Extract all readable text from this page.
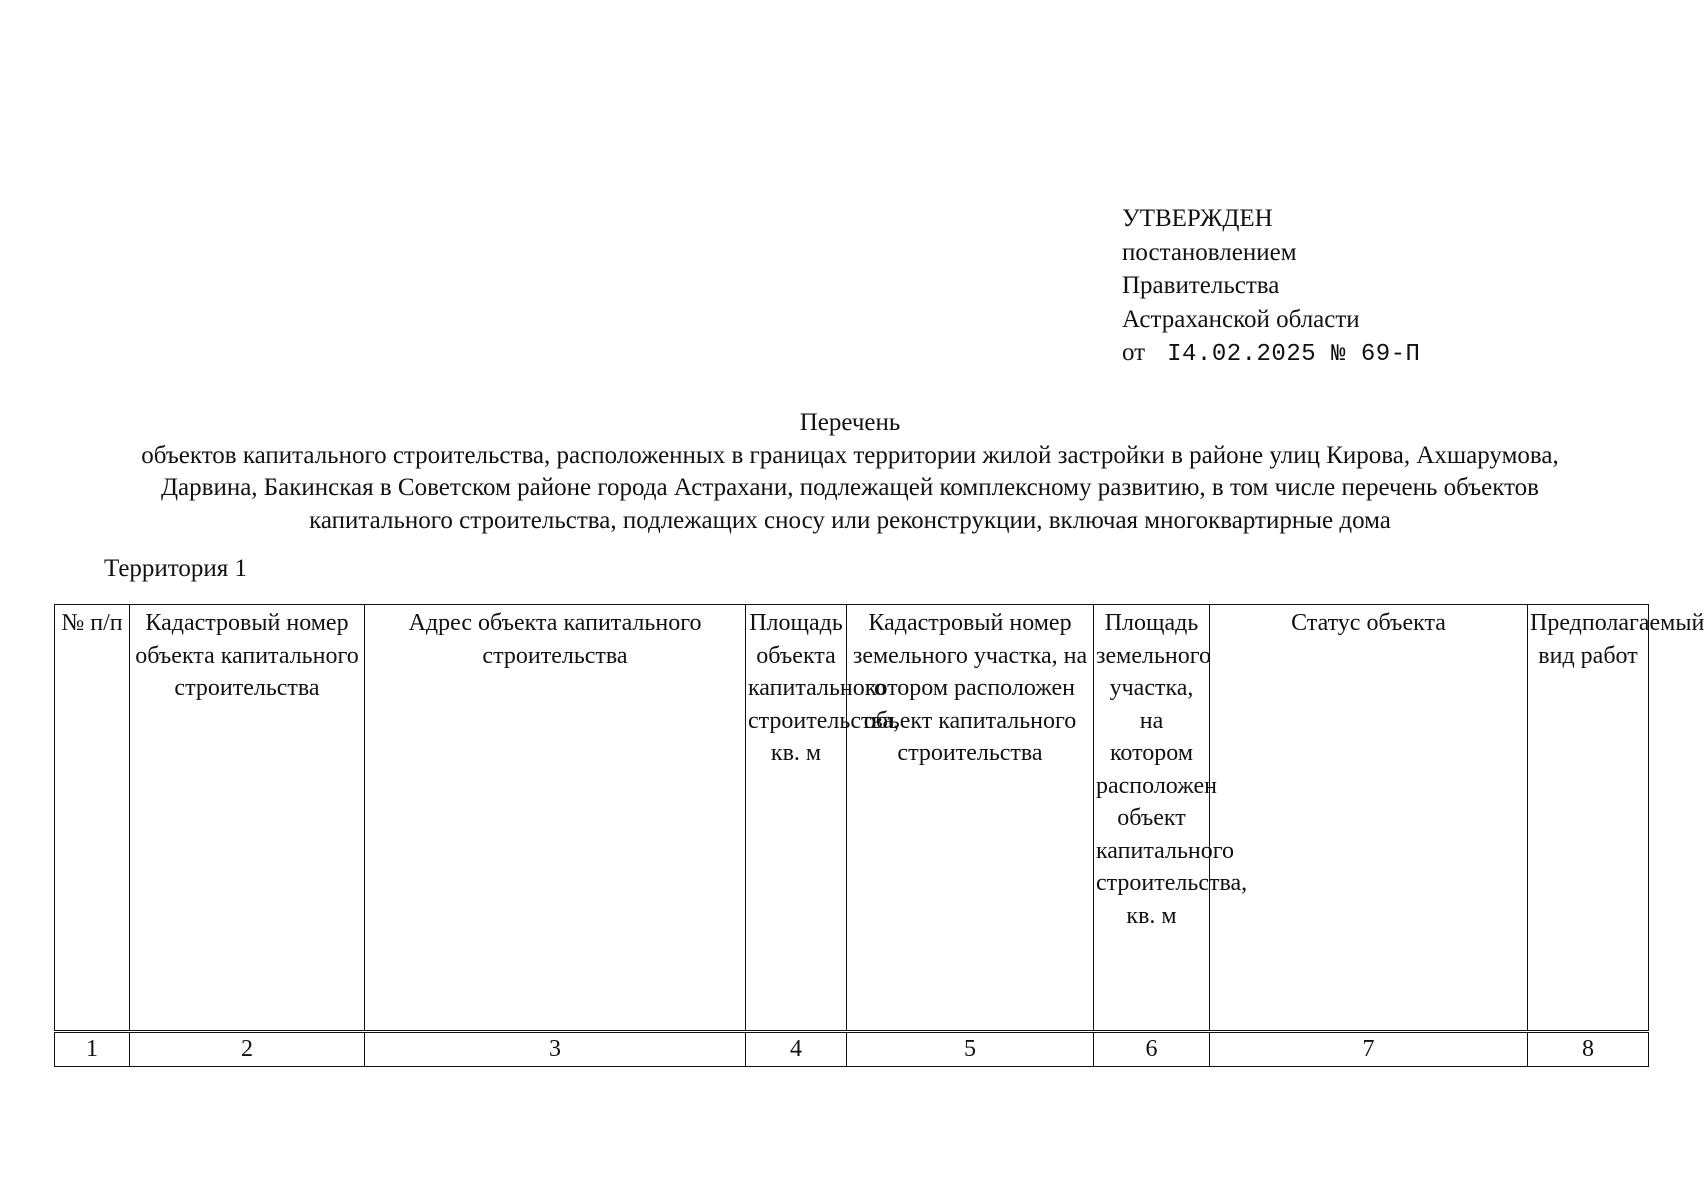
УТВЕРЖДЕН
постановлением
Правительства
Астраханской области
от I4.02.2025 № 69-П
Перечень
объектов капитального строительства, расположенных в границах территории жилой застройки в районе улиц Кирова, Ахшарумова, Дарвина, Бакинская в Советском районе города Астрахани, подлежащей комплексному развитию, в том числе перечень объектов капитального строительства, подлежащих сносу или реконструкции, включая многоквартирные дома
Территория 1
№ п/п	Кадастровый номер объекта капитального строительства	Адрес объекта капитального строительства	Площадь объекта капитального строительства, кв. м	Кадастровый номер земельного участка, на котором расположен объект капитального строительства	Площадь земельного участка, на котором расположен объект капитального строительства, кв. м	Статус объекта	Предполагаемый вид работ
1	2	3	4	5	6	7	8
